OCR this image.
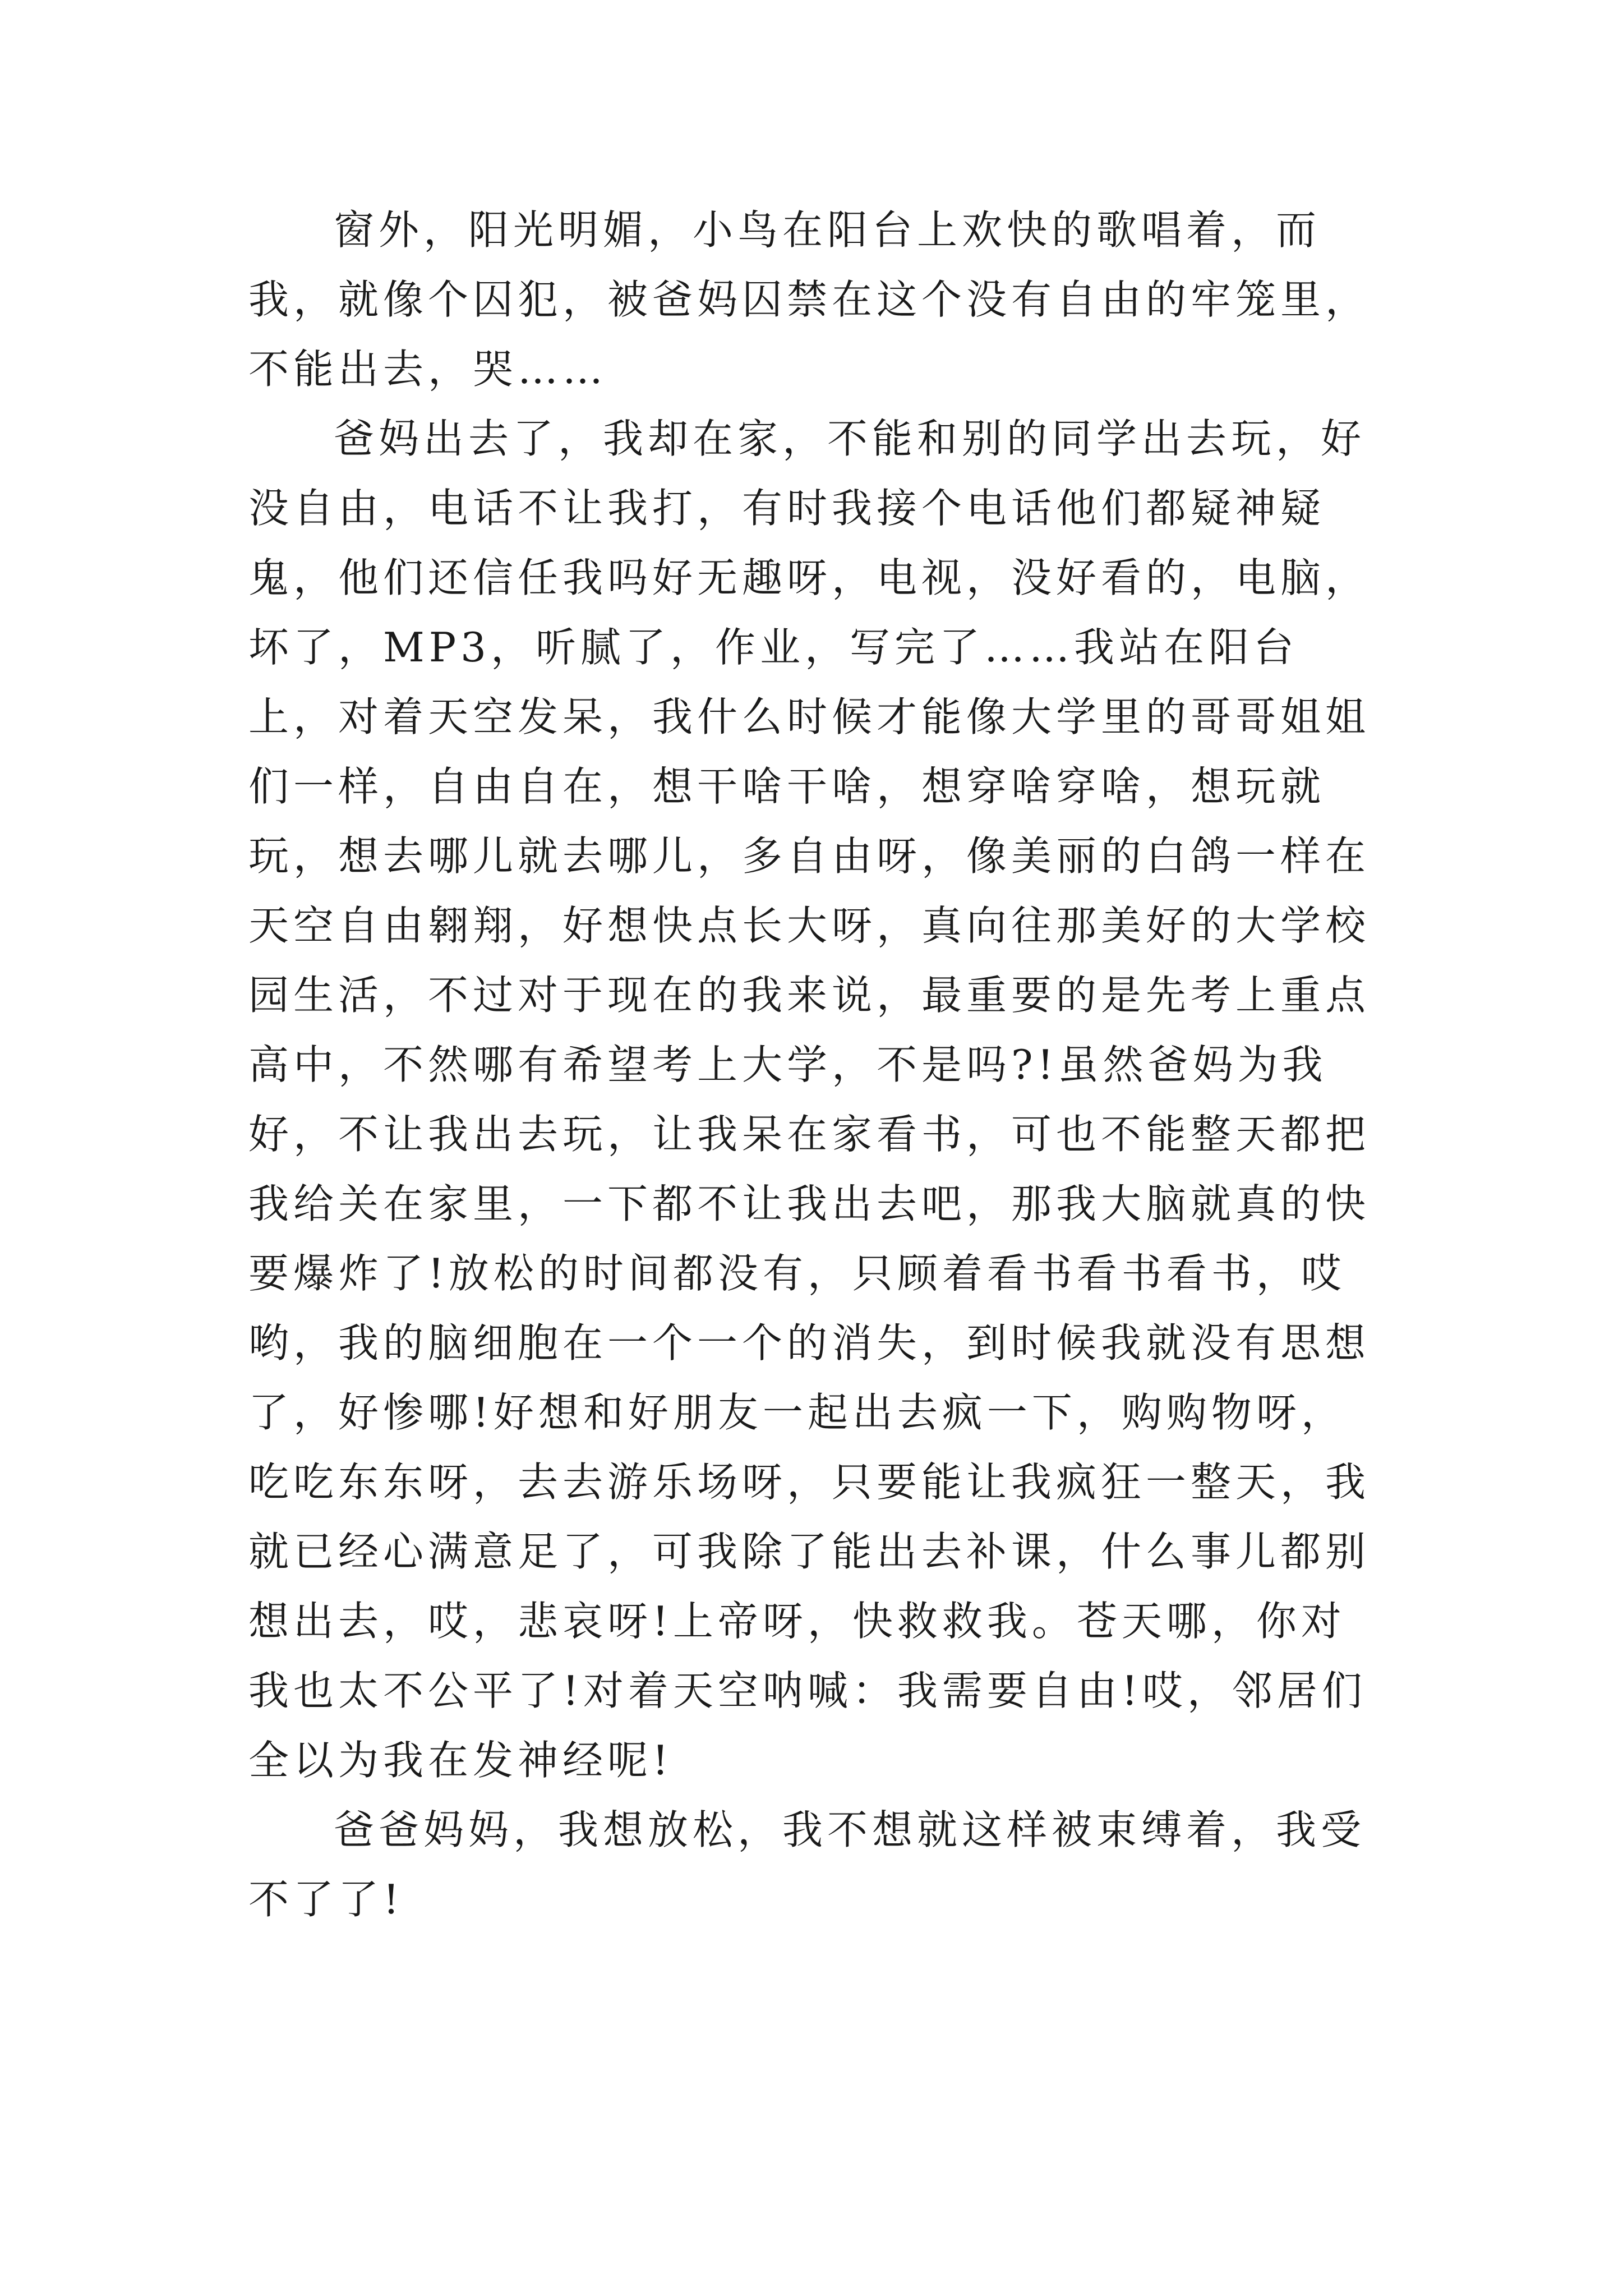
窗外，阳光明媚，小鸟在阳台上欢快的歌唱着，而我，就像个囚犯，被爸妈囚禁在这个没有自由的牢笼里，不能出去，哭……

爸妈出去了，我却在家，不能和别的同学出去玩，好没自由，电话不让我打，有时我接个电话他们都疑神疑鬼，他们还信任我吗好无趣呀，电视，没好看的，电脑，坏了，MP3，听腻了，作业，写完了……我站在阳台上，对着天空发呆，我什么时候才能像大学里的哥哥姐姐们一样，自由自在，想干啥干啥，想穿啥穿啥，想玩就玩，想去哪儿就去哪儿，多自由呀，像美丽的白鸽一样在天空自由翱翔，好想快点长大呀，真向往那美好的大学校园生活，不过对于现在的我来说，最重要的是先考上重点高中，不然哪有希望考上大学，不是吗?!虽然爸妈为我好，不让我出去玩，让我呆在家看书，可也不能整天都把我给关在家里，一下都不让我出去吧，那我大脑就真的快要爆炸了!放松的时间都没有，只顾着看书看书看书，哎哟，我的脑细胞在一个一个的消失，到时候我就没有思想了，好惨哪!好想和好朋友一起出去疯一下，购购物呀，吃吃东东呀，去去游乐场呀，只要能让我疯狂一整天，我就已经心满意足了，可我除了能出去补课，什么事儿都别想出去，哎，悲哀呀!上帝呀，快救救我。苍天哪，你对我也太不公平了!对着天空呐喊：我需要自由!哎，邻居们全以为我在发神经呢!

爸爸妈妈，我想放松，我不想就这样被束缚着，我受不了了!
